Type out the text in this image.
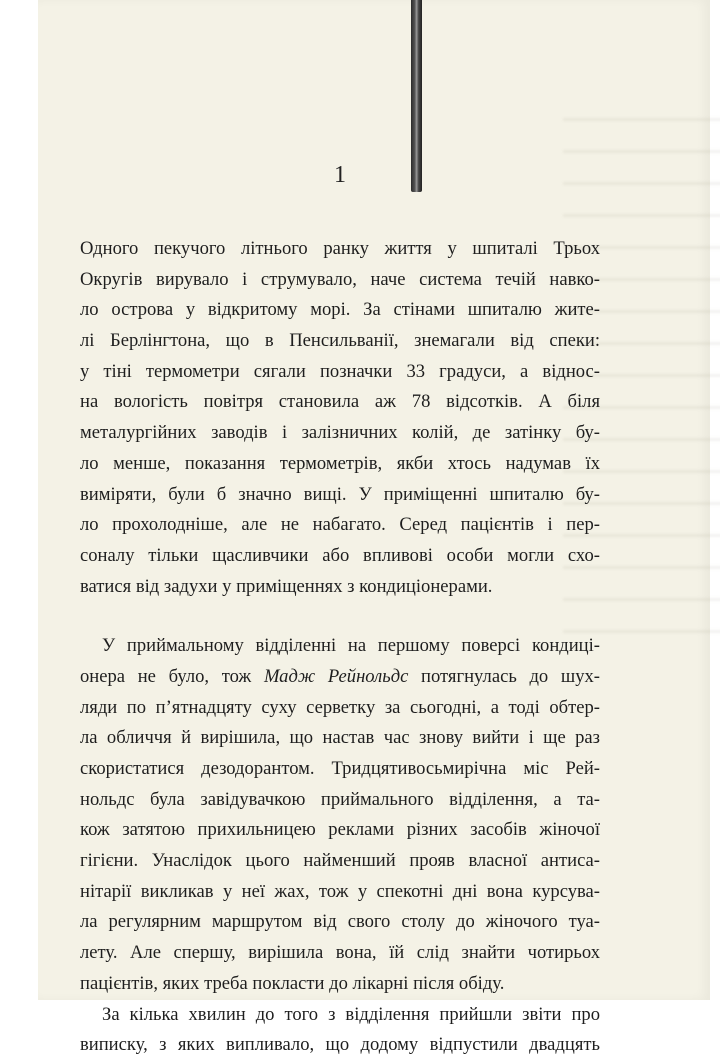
1
Одного пекучого літнього ранку життя у шпиталі Трьох
Округів вирувало і струмувало, наче система течій навко-
ло острова у відкритому морі. За стінами шпиталю жите-
лі Берлінгтона, що в Пенсильванії, знемагали від спеки:
у тіні термометри сягали позначки 33 градуси, а віднос-
на вологість повітря становила аж 78 відсотків. А біля
металургійних заводів і залізничних колій, де затінку бу-
ло менше, показання термометрів, якби хтось надумав їх
виміряти, були б значно вищі. У приміщенні шпиталю бу-
ло прохолодніше, але не набагато. Серед пацієнтів і пер-
соналу тільки щасливчики або впливові особи могли схо-
ватися від задухи у приміщеннях з кондиціонерами.
У приймальному відділенні на першому поверсі кондиці-
онера не було, тож Мадж Рейнольдс потягнулась до шух-
ляди по п’ятнадцяту суху серветку за сьогодні, а тоді обтер-
ла обличчя й вирішила, що настав час знову вийти і ще раз
скористатися дезодорантом. Тридцятивосьмирічна міс Рей-
нольдс була завідувачкою приймального відділення, а та-
кож затятою прихильницею реклами різних засобів жіночої
гігієни. Унаслідок цього найменший прояв власної антиса-
нітарії викликав у неї жах, тож у спекотні дні вона курсува-
ла регулярним маршрутом від свого столу до жіночого туа-
лету. Але спершу, вирішила вона, їй слід знайти чотирьох
пацієнтів, яких треба покласти до лікарні після обіду.
За кілька хвилин до того з відділення прийшли звіти про
виписку, з яких випливало, що додому відпустили двадцять
